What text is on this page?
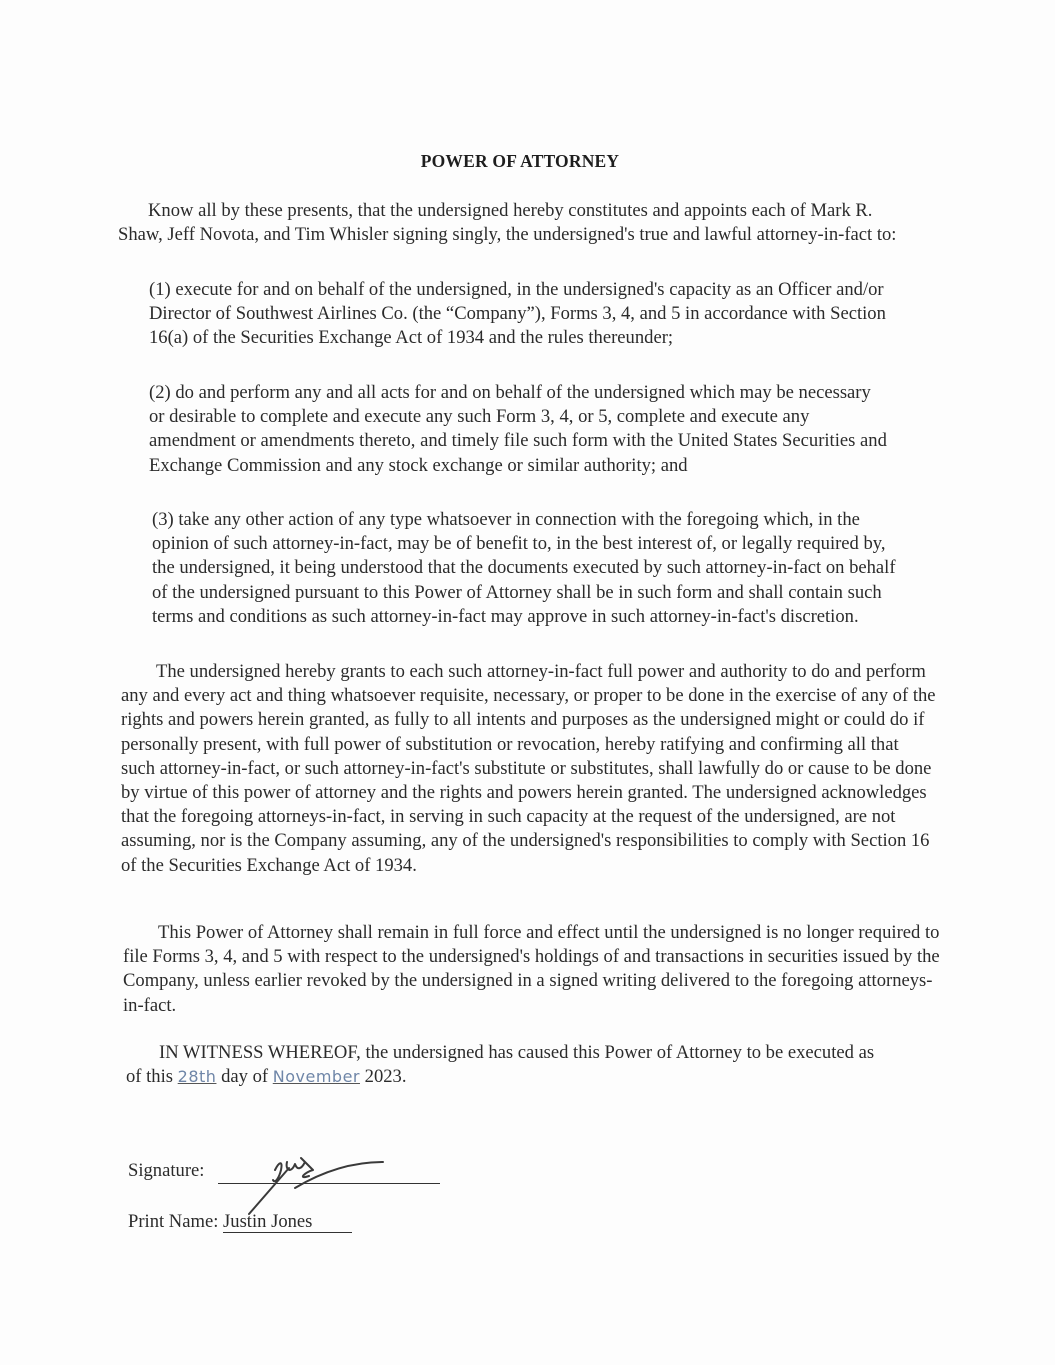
POWER OF ATTORNEY

Know all by these presents, that the undersigned hereby constitutes and appoints each of Mark R. Shaw, Jeff Novota, and Tim Whisler signing singly, the undersigned's true and lawful attorney-in-fact to:

(1) execute for and on behalf of the undersigned, in the undersigned's capacity as an Officer and/or Director of Southwest Airlines Co. (the “Company”), Forms 3, 4, and 5 in accordance with Section 16(a) of the Securities Exchange Act of 1934 and the rules thereunder;

(2) do and perform any and all acts for and on behalf of the undersigned which may be necessary or desirable to complete and execute any such Form 3, 4, or 5, complete and execute any amendment or amendments thereto, and timely file such form with the United States Securities and Exchange Commission and any stock exchange or similar authority; and

(3) take any other action of any type whatsoever in connection with the foregoing which, in the opinion of such attorney-in-fact, may be of benefit to, in the best interest of, or legally required by, the undersigned, it being understood that the documents executed by such attorney-in-fact on behalf of the undersigned pursuant to this Power of Attorney shall be in such form and shall contain such terms and conditions as such attorney-in-fact may approve in such attorney-in-fact's discretion.

The undersigned hereby grants to each such attorney-in-fact full power and authority to do and perform any and every act and thing whatsoever requisite, necessary, or proper to be done in the exercise of any of the rights and powers herein granted, as fully to all intents and purposes as the undersigned might or could do if personally present, with full power of substitution or revocation, hereby ratifying and confirming all that such attorney-in-fact, or such attorney-in-fact's substitute or substitutes, shall lawfully do or cause to be done by virtue of this power of attorney and the rights and powers herein granted. The undersigned acknowledges that the foregoing attorneys-in-fact, in serving in such capacity at the request of the undersigned, are not assuming, nor is the Company assuming, any of the undersigned's responsibilities to comply with Section 16 of the Securities Exchange Act of 1934.

This Power of Attorney shall remain in full force and effect until the undersigned is no longer required to file Forms 3, 4, and 5 with respect to the undersigned's holdings of and transactions in securities issued by the Company, unless earlier revoked by the undersigned in a signed writing delivered to the foregoing attorneys-in-fact.

IN WITNESS WHEREOF, the undersigned has caused this Power of Attorney to be executed as of this 28th day of November 2023.

Signature:
Print Name: Justin Jones
